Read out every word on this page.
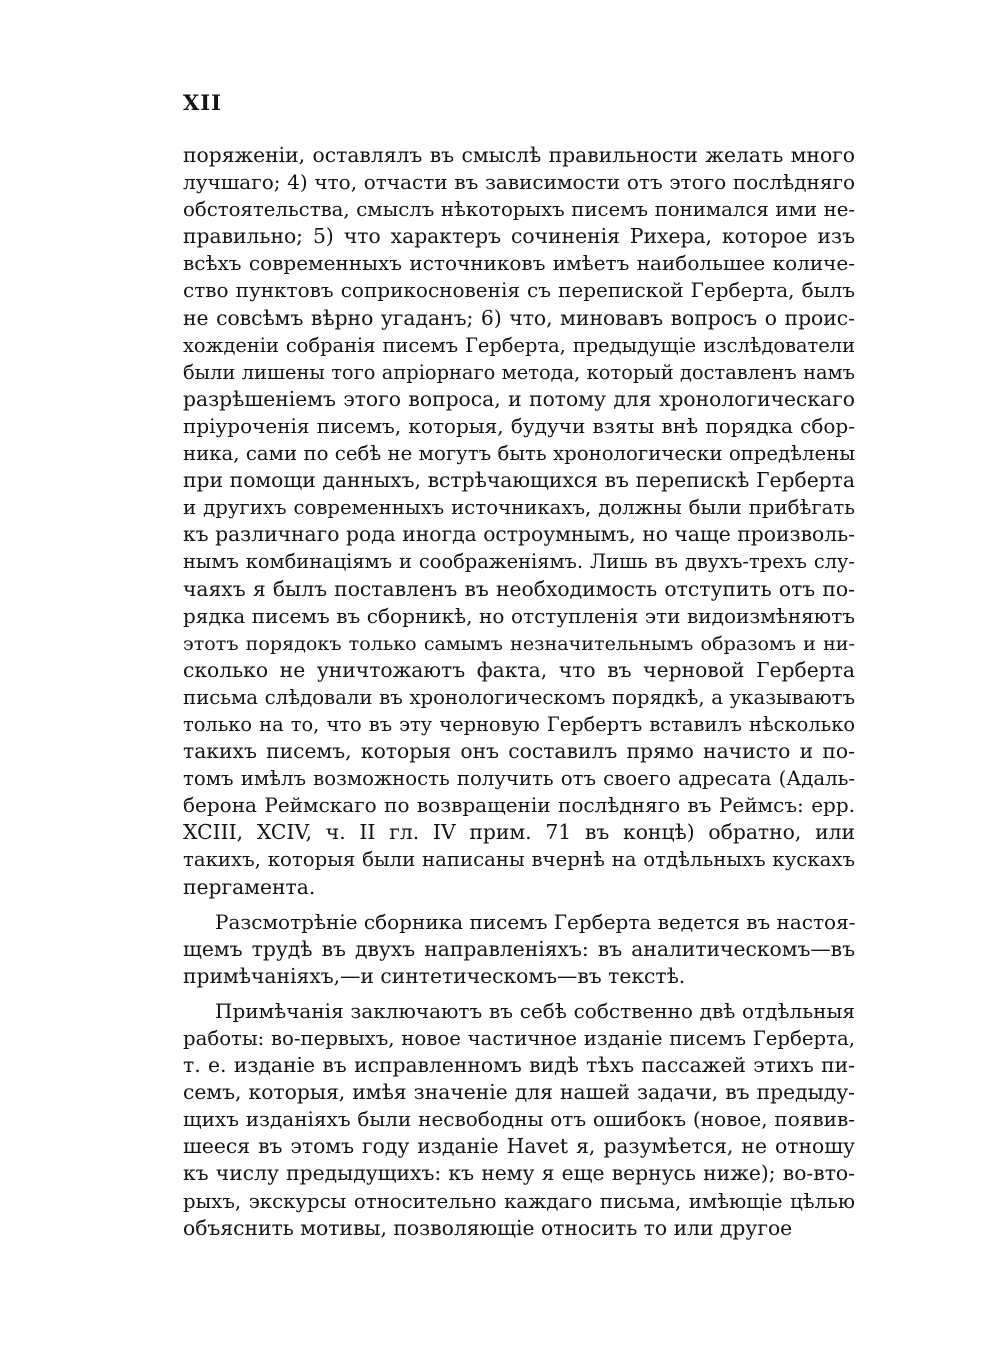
XII
поряженіи, оставлялъ въ смыслѣ правильности желать много
лучшаго; 4) что, отчасти въ зависимости отъ этого послѣдняго
обстоятельства, смыслъ нѣкоторыхъ писемъ понимался ими не-
правильно; 5) что характеръ сочиненія Рихера, которое изъ
всѣхъ современныхъ источниковъ имѣетъ наибольшее количе-
ство пунктовъ соприкосновенія съ перепиской Герберта, былъ
не совсѣмъ вѣрно угаданъ; 6) что, миновавъ вопросъ о проис-
хожденіи собранія писемъ Герберта, предыдущіе изслѣдователи
были лишены того апріорнаго метода, который доставленъ намъ
разрѣшеніемъ этого вопроса, и потому для хронологическаго
пріуроченія писемъ, которыя, будучи взяты внѣ порядка сбор-
ника, сами по себѣ не могутъ быть хронологически опредѣлены
при помощи данныхъ, встрѣчающихся въ перепискѣ Герберта
и другихъ современныхъ источникахъ, должны были прибѣгать
къ различнаго рода иногда остроумнымъ, но чаще произволь-
нымъ комбинаціямъ и соображеніямъ. Лишь въ двухъ-трехъ слу-
чаяхъ я былъ поставленъ въ необходимость отступить отъ по-
рядка писемъ въ сборникѣ, но отступленія эти видоизмѣняютъ
этотъ порядокъ только самымъ незначительнымъ образомъ и ни-
сколько не уничтожаютъ факта, что въ черновой Герберта
письма слѣдовали въ хронологическомъ порядкѣ, а указываютъ
только на то, что въ эту черновую Гербертъ вставилъ нѣсколько
такихъ писемъ, которыя онъ составилъ прямо начисто и по-
томъ имѣлъ возможность получить отъ своего адресата (Адаль-
берона Реймскаго по возвращеніи послѣдняго въ Реймсъ: epp.
XCIII, XCIV, ч. II гл. IV прим. 71 въ концѣ) обратно, или
такихъ, которыя были написаны вчернѣ на отдѣльныхъ кускахъ
пергамента.
Разсмотрѣніе сборника писемъ Герберта ведется въ настоя-
щемъ трудѣ въ двухъ направленіяхъ: въ аналитическомъ—въ
примѣчаніяхъ,—и синтетическомъ—въ текстѣ.
Примѣчанія заключаютъ въ себѣ собственно двѣ отдѣльныя
работы: во-первыхъ, новое частичное изданіе писемъ Герберта,
т. е. изданіе въ исправленномъ видѣ тѣхъ пассажей этихъ пи-
семъ, которыя, имѣя значеніе для нашей задачи, въ предыду-
щихъ изданіяхъ были несвободны отъ ошибокъ (новое, появив-
шееся въ этомъ году изданіе Havet я, разумѣется, не отношу
къ числу предыдущихъ: къ нему я еще вернусь ниже); во-вто-
рыхъ, экскурсы относительно каждаго письма, имѣющіе цѣлью
объяснить мотивы, позволяющіе относить то или другое
